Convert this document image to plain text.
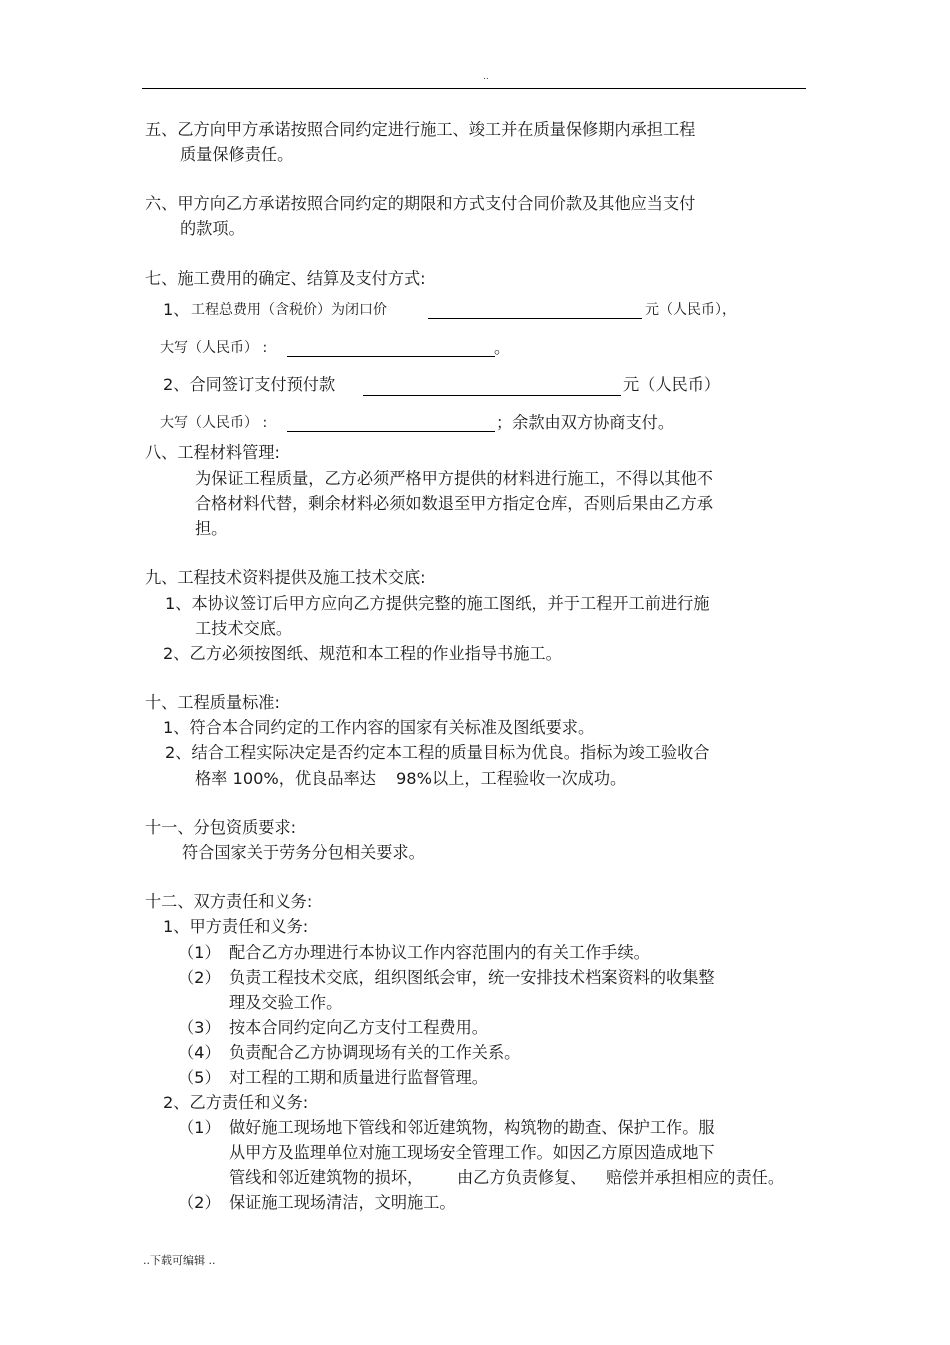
..
五、乙方向甲方承诺按照合同约定进行施工、竣工并在质量保修期内承担工程
质量保修责任。
六、甲方向乙方承诺按照合同约定的期限和方式支付合同价款及其他应当支付
的款项。
七、施工费用的确定、结算及支付方式:
1、 工程总费用（含税价）为闭口价	元（人民币），
大写（人民币） :	。
2、合同签订支付预付款	元（人民币）
大写（人民币） :	；余款由双方协商支付。
八、工程材料管理:
为保证工程质量，乙方必须严格甲方提供的材料进行施工，不得以其他不
合格材料代替，剩余材料必须如数退至甲方指定仓库，否则后果由乙方承
担。
九、工程技术资料提供及施工技术交底:
1、本协议签订后甲方应向乙方提供完整的施工图纸，并于工程开工前进行施
工技术交底。
2、乙方必须按图纸、规范和本工程的作业指导书施工。
十、工程质量标准:
1、符合本合同约定的工作内容的国家有关标准及图纸要求。
2、结合工程实际决定是否约定本工程的质量目标为优良。指标为竣工验收合
格率 100%，优良品率达 98%以上，工程验收一次成功。
十一、分包资质要求:
符合国家关于劳务分包相关要求。
十二、双方责任和义务:
1、甲方责任和义务:
（1） 配合乙方办理进行本协议工作内容范围内的有关工作手续。
（2） 负责工程技术交底，组织图纸会审，统一安排技术档案资料的收集整
理及交验工作。
（3） 按本合同约定向乙方支付工程费用。
（4） 负责配合乙方协调现场有关的工作关系。
（5） 对工程的工期和质量进行监督管理。
2、乙方责任和义务:
（1） 做好施工现场地下管线和邻近建筑物，构筑物的勘查、保护工作。服
从甲方及监理单位对施工现场安全管理工作。如因乙方原因造成地下
管线和邻近建筑物的损坏， 由乙方负责修复、 赔偿并承担相应的责任。
（2） 保证施工现场清洁，文明施工。
..下载可编辑 ..
